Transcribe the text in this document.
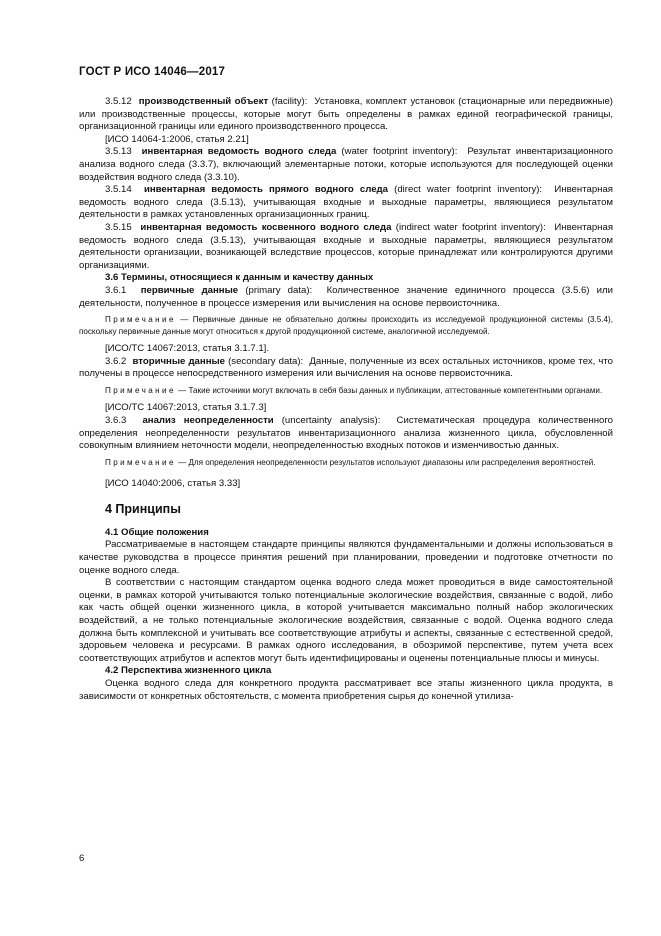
ГОСТ Р ИСО 14046—2017

3.5.12 производственный объект (facility): Установка, комплект установок (стационарные или передвижные) или производственные процессы, которые могут быть определены в рамках единой географической границы, организационной границы или единого производственного процесса.

[ИСО 14064-1:2006, статья 2.21]

3.5.13 инвентарная ведомость водного следа (water footprint inventory): Результат инвентаризационного анализа водного следа (3.3.7), включающий элементарные потоки, которые используются для последующей оценки воздействия водного следа (3.3.10).

3.5.14 инвентарная ведомость прямого водного следа (direct water footprint inventory): Инвентарная ведомость водного следа (3.5.13), учитывающая входные и выходные параметры, являющиеся результатом деятельности в рамках установленных организационных границ.

3.5.15 инвентарная ведомость косвенного водного следа (indirect water footprint inventory): Инвентарная ведомость водного следа (3.5.13), учитывающая входные и выходные параметры, являющиеся результатом деятельности организации, возникающей вследствие процессов, которые принадлежат или контролируются другими организациями.

3.6 Термины, относящиеся к данным и качеству данных

3.6.1 первичные данные (primary data): Количественное значение единичного процесса (3.5.6) или деятельности, полученное в процессе измерения или вычисления на основе первоисточника.

Примечание — Первичные данные не обязательно должны происходить из исследуемой продукционной системы (3.5.4), поскольку первичные данные могут относиться к другой продукционной системе, аналогичной исследуемой.

[ИСО/ТС 14067:2013, статья 3.1.7.1].

3.6.2 вторичные данные (secondary data): Данные, полученные из всех остальных источников, кроме тех, что получены в процессе непосредственного измерения или вычисления на основе первоисточника.

Примечание — Такие источники могут включать в себя базы данных и публикации, аттестованные компетентными органами.

[ИСО/ТС 14067:2013, статья 3.1.7.3]

3.6.3 анализ неопределенности (uncertainty analysis): Систематическая процедура количественного определения неопределенности результатов инвентаризационного анализа жизненного цикла, обусловленной совокупным влиянием неточности модели, неопределенностью входных потоков и изменчивостью данных.

Примечание — Для определения неопределенности результатов используют диапазоны или распределения вероятностей.

[ИСО 14040:2006, статья 3.33]

4 Принципы

4.1 Общие положения

Рассматриваемые в настоящем стандарте принципы являются фундаментальными и должны использоваться в качестве руководства в процессе принятия решений при планировании, проведении и подготовке отчетности по оценке водного следа.

В соответствии с настоящим стандартом оценка водного следа может проводиться в виде самостоятельной оценки, в рамках которой учитываются только потенциальные экологические воздействия, связанные с водой, либо как часть общей оценки жизненного цикла, в которой учитывается максимально полный набор экологических воздействий, а не только потенциальные экологические воздействия, связанные с водой. Оценка водного следа должна быть комплексной и учитывать все соответствующие атрибуты и аспекты, связанные с естественной средой, здоровьем человека и ресурсами. В рамках одного исследования, в обозримой перспективе, путем учета всех соответствующих атрибутов и аспектов могут быть идентифицированы и оценены потенциальные плюсы и минусы.

4.2 Перспектива жизненного цикла

Оценка водного следа для конкретного продукта рассматривает все этапы жизненного цикла продукта, в зависимости от конкретных обстоятельств, с момента приобретения сырья до конечной утилиза-

6
